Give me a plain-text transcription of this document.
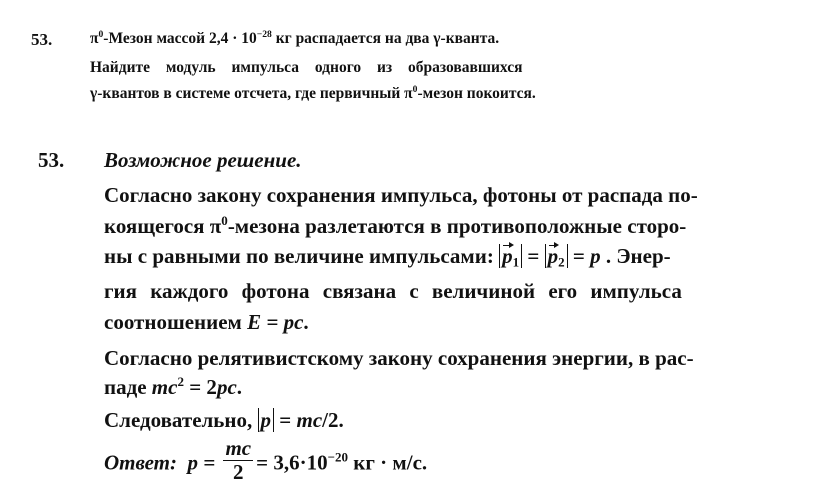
53. $\pi^0$-Мезон массой $2,4 \cdot 10^{-28}$ кг распадается на два γ-кванта.
Найдите модуль импульса одного из образовавшихся
γ-квантов в системе отсчета, где первичный $\pi^0$-мезон покоится.
53. Возможное решение.
Согласно закону сохранения импульса, фотоны от распада по-
коящегося $\pi^0$-мезона разлетаются в противоположные сторо-
ны с равными по величине импульсами: $p_1 = p_2 = p$ . Энер-
гия каждого фотона связана с величиной его импульса
соотношением E = pc.
Согласно релятивистскому закону сохранения энергии, в рас-
паде $mc^2 = 2pc$.
Следовательно, p = mc/2.
Ответ: $p = \frac{mc}{2} = 3,6\cdot 10^{-20}$ кг · м/с.
